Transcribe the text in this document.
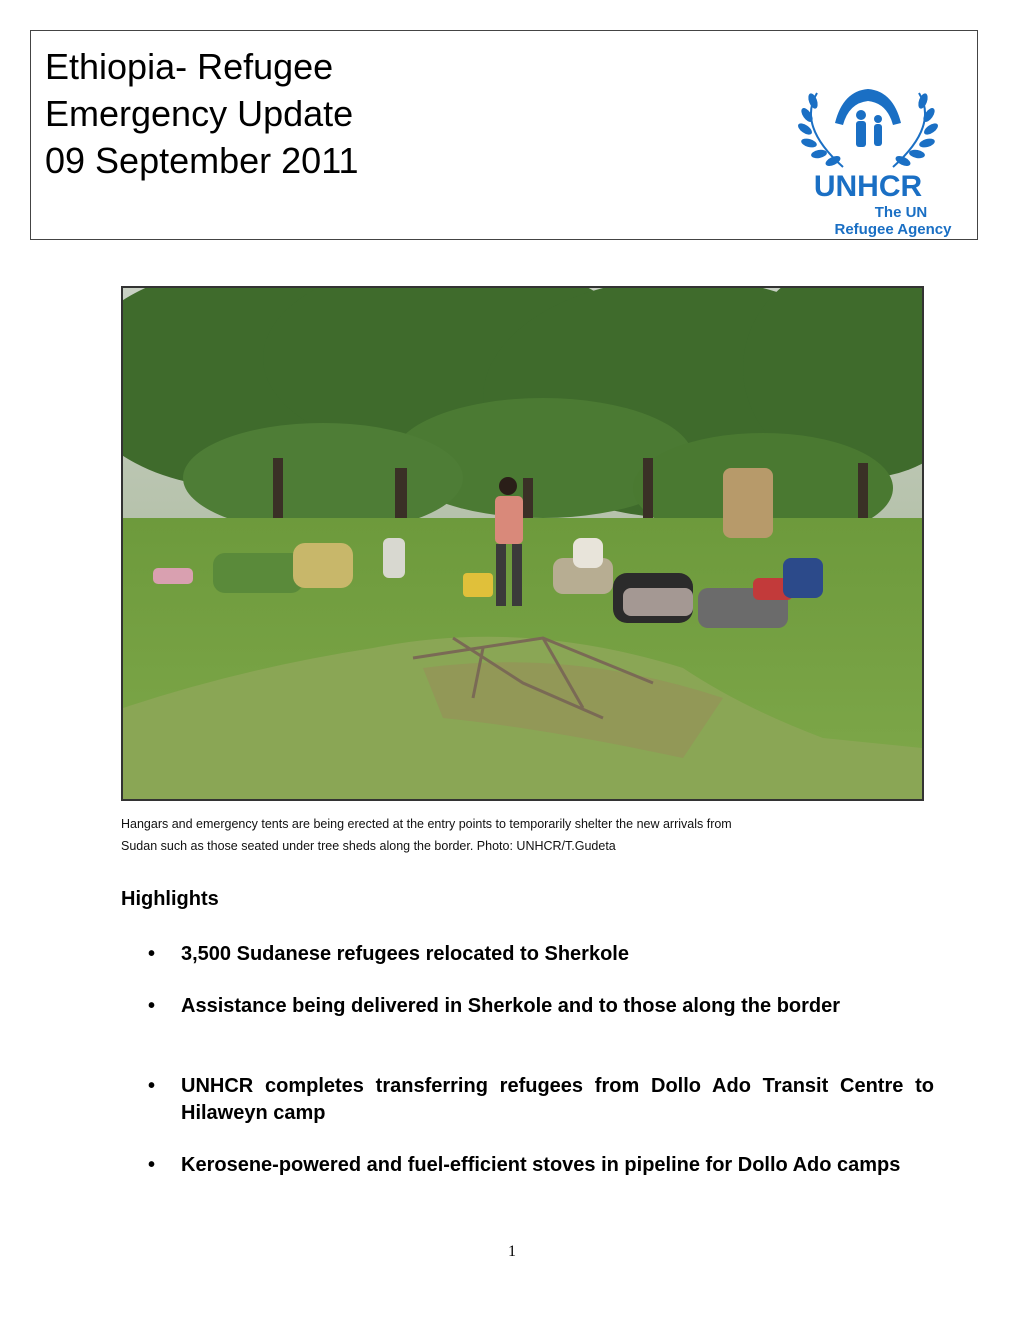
Ethiopia- Refugee
Emergency Update
09 September 2011
UNHCR
The UN
Refugee Agency
Hangars and emergency tents are being erected at the entry points to temporarily shelter the new arrivals from
Sudan such as those seated under tree sheds along the border. Photo: UNHCR/T.Gudeta
Highlights
• 3,500 Sudanese refugees relocated to Sherkole
• Assistance being delivered in Sherkole and to those along the border
• UNHCR completes transferring refugees from Dollo Ado Transit Centre to Hilaweyn camp
• Kerosene-powered and fuel-efficient stoves in pipeline for Dollo Ado camps
1
